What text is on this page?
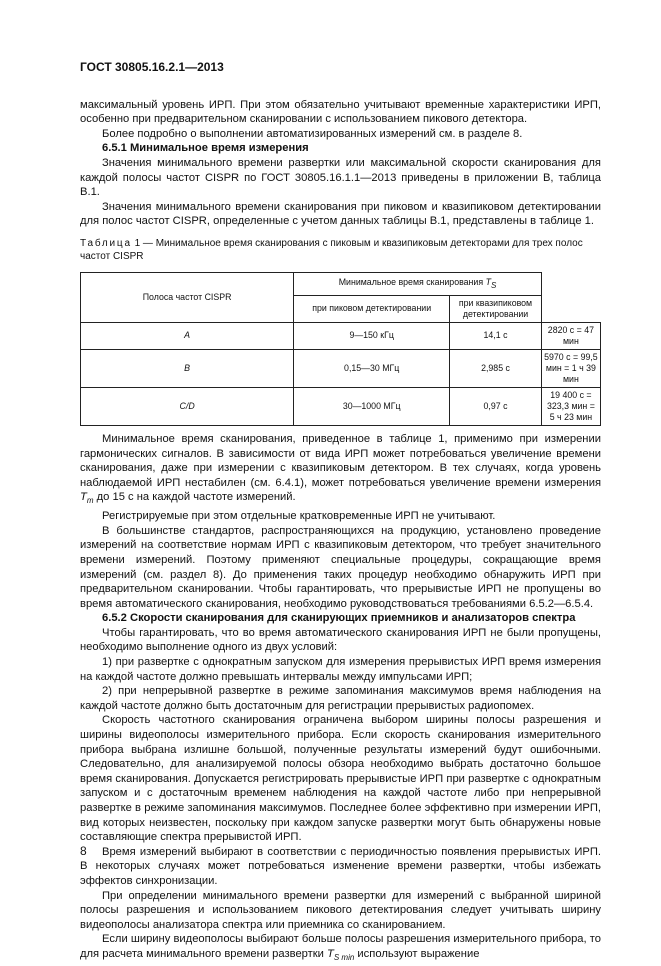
ГОСТ 30805.16.2.1—2013

максимальный уровень ИРП. При этом обязательно учитывают временные характеристики ИРП, особенно при предварительном сканировании с использованием пикового детектора.

Более подробно о выполнении автоматизированных измерений см. в разделе 8.

6.5.1 Минимальное время измерения

Значения минимального времени развертки или максимальной скорости сканирования для каждой полосы частот CISPR по ГОСТ 30805.16.1.1—2013 приведены в приложении В, таблица В.1.

Значения минимального времени сканирования при пиковом и квазипиковом детектировании для полос частот CISPR, определенные с учетом данных таблицы В.1, представлены в таблице 1.

Таблица 1 — Минимальное время сканирования с пиковым и квазипиковым детекторами для трех полос частот CISPR
Полоса частот CISPR	Минимальное время сканирования $T_S$
	при пиковом детектировании	при квазипиковом детектировании	
A	9—150 кГц	14,1 с	2820 с = 47 мин
B	0,15—30 МГц	2,985 с	5970 с = 99,5 мин = 1 ч 39 мин
C/D	30—1000 МГц	0,97 с	19 400 с = 323,3 мин = 5 ч 23 мин

Минимальное время сканирования, приведенное в таблице 1, применимо при измерении гармонических сигналов. В зависимости от вида ИРП может потребоваться увеличение времени сканирования, даже при измерении с квазипиковым детектором. В тех случаях, когда уровень наблюдаемой ИРП нестабилен (см. 6.4.1), может потребоваться увеличение времени измерения $T_m$ до 15 с на каждой частоте измерений.

Регистрируемые при этом отдельные кратковременные ИРП не учитывают.

В большинстве стандартов, распространяющихся на продукцию, установлено проведение измерений на соответствие нормам ИРП с квазипиковым детектором, что требует значительного времени измерений. Поэтому применяют специальные процедуры, сокращающие время измерений (см. раздел 8). До применения таких процедур необходимо обнаружить ИРП при предварительном сканировании. Чтобы гарантировать, что прерывистые ИРП не пропущены во время автоматического сканирования, необходимо руководствоваться требованиями 6.5.2—6.5.4.

6.5.2 Скорости сканирования для сканирующих приемников и анализаторов спектра

Чтобы гарантировать, что во время автоматического сканирования ИРП не были пропущены, необходимо выполнение одного из двух условий:

1) при развертке с однократным запуском для измерения прерывистых ИРП время измерения на каждой частоте должно превышать интервалы между импульсами ИРП;

2) при непрерывной развертке в режиме запоминания максимумов время наблюдения на каждой частоте должно быть достаточным для регистрации прерывистых радиопомех.

Скорость частотного сканирования ограничена выбором ширины полосы разрешения и ширины видеополосы измерительного прибора. Если скорость сканирования измерительного прибора выбрана излишне большой, полученные результаты измерений будут ошибочными. Следовательно, для анализируемой полосы обзора необходимо выбрать достаточно большое время сканирования. Допускается регистрировать прерывистые ИРП при развертке с однократным запуском и с достаточным временем наблюдения на каждой частоте либо при непрерывной развертке в режиме запоминания максимумов. Последнее более эффективно при измерении ИРП, вид которых неизвестен, поскольку при каждом запуске развертки могут быть обнаружены новые составляющие спектра прерывистой ИРП.

Время измерений выбирают в соответствии с периодичностью появления прерывистых ИРП. В некоторых случаях может потребоваться изменение времени развертки, чтобы избежать эффектов синхронизации.

При определении минимального времени развертки для измерений с выбранной шириной полосы разрешения и использованием пикового детектирования следует учитывать ширину видеополосы анализатора спектра или приемника со сканированием.

Если ширину видеополосы выбирают больше полосы разрешения измерительного прибора, то для расчета минимального времени развертки $T_{S min}$ используют выражение

8
